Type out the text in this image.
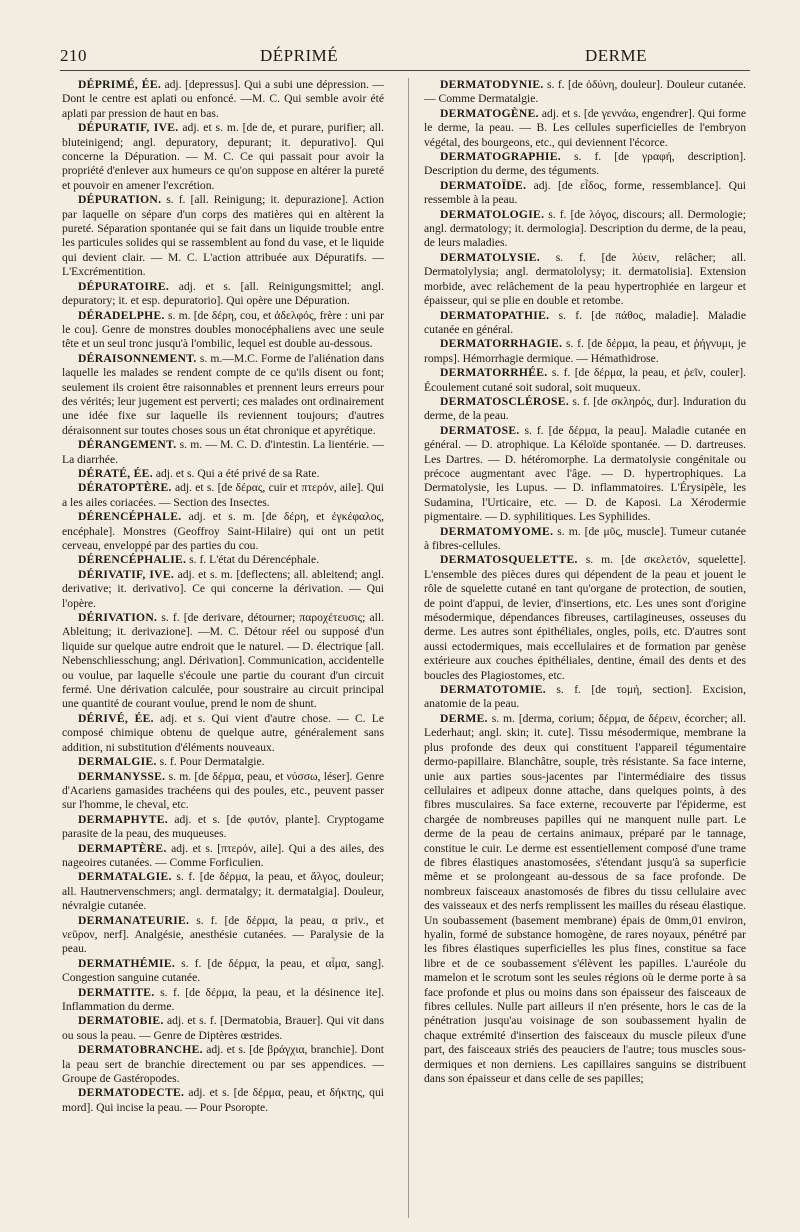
210	DÉPRIMÉ	DERME

DÉPRIMÉ, ÉE. adj. [depressus]. Qui a subi une dépression. — Dont le centre est aplati ou enfoncé. —M. C. Qui semble avoir été aplati par pression de haut en bas.

DÉPURATIF, IVE. adj. et s. m. [de de, et purare, purifier; all. bluteinigend; angl. depuratory, depurant; it. depurativo]. Qui concerne la Dépuration. — M. C. Ce qui passait pour avoir la propriété d'enlever aux humeurs ce qu'on suppose en altérer la pureté et pouvoir en amener l'excrétion.

DÉPURATION. s. f. [all. Reinigung; it. depurazione]. Action par laquelle on sépare d'un corps des matières qui en altèrent la pureté. Séparation spontanée qui se fait dans un liquide trouble entre les particules solides qui se rassemblent au fond du vase, et le liquide qui devient clair. — M. C. L'action attribuée aux Dépuratifs. — L'Excrémentition.

DÉPURATOIRE. adj. et s. [all. Reinigungsmittel; angl. depuratory; it. et esp. depuratorio]. Qui opère une Dépuration.

DÉRADELPHE. s. m. [de δέρη, cou, et ἀδελφός, frère : uni par le cou]. Genre de monstres doubles monocéphaliens avec une seule tête et un seul tronc jusqu'à l'ombilic, lequel est double au-dessous.

DÉRAISONNEMENT. s. m.—M.C. Forme de l'aliénation dans laquelle les malades se rendent compte de ce qu'ils disent ou font; seulement ils croient être raisonnables et prennent leurs erreurs pour des vérités; leur jugement est perverti; ces malades ont ordinairement une idée fixe sur laquelle ils reviennent toujours; d'autres déraisonnent sur toutes choses sous un état chronique et apyrétique.

DÉRANGEMENT. s. m. — M. C. D. d'intestin. La lientérie. — La diarrhée.

DÉRATÉ, ÉE. adj. et s. Qui a été privé de sa Rate.

DÉRATOPTÈRE. adj. et s. [de δέρας, cuir et πτερόν, aile]. Qui a les ailes coriacées. — Section des Insectes.

DÉRENCÉPHALE. adj. et s. m. [de δέρη, et ἐγκέφαλος, encéphale]. Monstres (Geoffroy Saint-Hilaire) qui ont un petit cerveau, enveloppé par des parties du cou.

DÉRENCÉPHALIE. s. f. L'état du Dérencéphale.

DÉRIVATIF, IVE. adj. et s. m. [deflectens; all. ableitend; angl. derivative; it. derivativo]. Ce qui concerne la dérivation. — Qui l'opère.

DÉRIVATION. s. f. [de derivare, détourner; παροχέτευσις; all. Ableitung; it. derivazione]. —M. C. Détour réel ou supposé d'un liquide sur quelque autre endroit que le naturel. — D. électrique [all. Nebenschliesschung; angl. Dérivation]. Communication, accidentelle ou voulue, par laquelle s'écoule une partie du courant d'un circuit fermé. Une dérivation calculée, pour soustraire au circuit principal une quantité de courant voulue, prend le nom de shunt.

DÉRIVÉ, ÉE. adj. et s. Qui vient d'autre chose. — C. Le composé chimique obtenu de quelque autre, généralement sans addition, ni substitution d'éléments nouveaux.

DERMALGIE. s. f. Pour Dermatalgie.

DERMANYSSE. s. m. [de δέρμα, peau, et νύσσω, léser]. Genre d'Acariens gamasides trachéens qui des poules, etc., peuvent passer sur l'homme, le cheval, etc.

DERMAPHYTE. adj. et s. [de φυτόν, plante]. Cryptogame parasite de la peau, des muqueuses.

DERMAPTÈRE. adj. et s. [πτερόν, aile]. Qui a des ailes, des nageoires cutanées. — Comme Forficulien.

DERMATALGIE. s. f. [de δέρμα, la peau, et ἄλγος, douleur; all. Hautnervenschmers; angl. dermatalgy; it. dermatalgia]. Douleur, névralgie cutanée.

DERMANATEURIE. s. f. [de δέρμα, la peau, α priv., et νεῦρον, nerf]. Analgésie, anesthésie cutanées. — Paralysie de la peau.

DERMATHÉMIE. s. f. [de δέρμα, la peau, et αἷμα, sang]. Congestion sanguine cutanée.

DERMATITE. s. f. [de δέρμα, la peau, et la désinence ite]. Inflammation du derme.

DERMATOBIE. adj. et s. f. [Dermatobia, Brauer]. Qui vit dans ou sous la peau. — Genre de Diptères œstrides.

DERMATOBRANCHE. adj. et s. [de βράγχια, branchie]. Dont la peau sert de branchie directement ou par ses appendices. — Groupe de Gastéropodes.

DERMATODECTE. adj. et s. [de δέρμα, peau, et δήκτης, qui mord]. Qui incise la peau. — Pour Psoropte.

DERMATODYNIE. s. f. [de ὀδύνη, douleur]. Douleur cutanée. — Comme Dermatalgie.

DERMATOGÈNE. adj. et s. [de γεννάω, engendrer]. Qui forme le derme, la peau. — B. Les cellules superficielles de l'embryon végétal, des bourgeons, etc., qui deviennent l'écorce.

DERMATOGRAPHIE. s. f. [de γραφή, description]. Description du derme, des téguments.

DERMATOÏDE. adj. [de εἶδος, forme, ressemblance]. Qui ressemble à la peau.

DERMATOLOGIE. s. f. [de λόγος, discours; all. Dermologie; angl. dermatology; it. dermologia]. Description du derme, de la peau, de leurs maladies.

DERMATOLYSIE. s. f. [de λύειν, relâcher; all. Dermatolylysia; angl. dermatololysy; it. dermatolisia]. Extension morbide, avec relâchement de la peau hypertrophiée en largeur et épaisseur, qui se plie en double et retombe.

DERMATOPATHIE. s. f. [de πάθος, maladie]. Maladie cutanée en général.

DERMATORRHAGIE. s. f. [de δέρμα, la peau, et ῥήγνυμι, je romps]. Hémorrhagie dermique. — Hémathidrose.

DERMATORRHÉE. s. f. [de δέρμα, la peau, et ῥεῖν, couler]. Écoulement cutané soit sudoral, soit muqueux.

DERMATOSCLÉROSE. s. f. [de σκληρός, dur]. Induration du derme, de la peau.

DERMATOSE. s. f. [de δέρμα, la peau]. Maladie cutanée en général. — D. atrophique. La Kéloïde spontanée. — D. dartreuses. Les Dartres. — D. hétéromorphe. La dermatolysie congénitale ou précoce augmentant avec l'âge. — D. hypertrophiques. La Dermatolysie, les Lupus. — D. inflammatoires. L'Érysipèle, les Sudamina, l'Urticaire, etc. — D. de Kaposi. La Xérodermie pigmentaire. — D. syphilitiques. Les Syphilides.

DERMATOMYOME. s. m. [de μῦς, muscle]. Tumeur cutanée à fibres-cellules.

DERMATOSQUELETTE. s. m. [de σκελετόν, squelette]. L'ensemble des pièces dures qui dépendent de la peau et jouent le rôle de squelette cutané en tant qu'organe de protection, de soutien, de point d'appui, de levier, d'insertions, etc. Les unes sont d'origine mésodermique, dépendances fibreuses, cartilagineuses, osseuses du derme. Les autres sont épithéliales, ongles, poils, etc. D'autres sont aussi ectodermiques, mais eccellulaires et de formation par genèse extérieure aux couches épithéliales, dentine, émail des dents et des boucles des Plagiostomes, etc.

DERMATOTOMIE. s. f. [de τομή, section]. Excision, anatomie de la peau.

DERME. s. m. [derma, corium; δέρμα, de δέρειν, écorcher; all. Lederhaut; angl. skin; it. cute]. Tissu mésodermique, membrane la plus profonde des deux qui constituent l'appareil tégumentaire dermo-papillaire. Blanchâtre, souple, très résistante. Sa face interne, unie aux parties sous-jacentes par l'intermédiaire des tissus cellulaires et adipeux donne attache, dans quelques points, à des fibres musculaires. Sa face externe, recouverte par l'épiderme, est chargée de nombreuses papilles qui ne manquent nulle part. Le derme de la peau de certains animaux, préparé par le tannage, constitue le cuir. Le derme est essentiellement composé d'une trame de fibres élastiques anastomosées, s'étendant jusqu'à sa superficie même et se prolongeant au-dessous de sa face profonde. De nombreux faisceaux anastomosés de fibres du tissu cellulaire avec des vaisseaux et des nerfs remplissent les mailles du réseau élastique. Un soubassement (basement membrane) épais de 0mm,01 environ, hyalin, formé de substance homogène, de rares noyaux, pénétré par les fibres élastiques superficielles les plus fines, constitue sa face libre et de ce soubassement s'élèvent les papilles. L'auréole du mamelon et le scrotum sont les seules régions où le derme porte à sa face profonde et plus ou moins dans son épaisseur des faisceaux de fibres cellules. Nulle part ailleurs il n'en présente, hors le cas de la pénétration jusqu'au voisinage de son soubassement hyalin de chaque extrémité d'insertion des faisceaux du muscle pileux d'une part, des faisceaux striés des peauciers de l'autre; tous muscles sous-dermiques et non derniens. Les capillaires sanguins se distribuent dans son épaisseur et dans celle de ses papilles;
